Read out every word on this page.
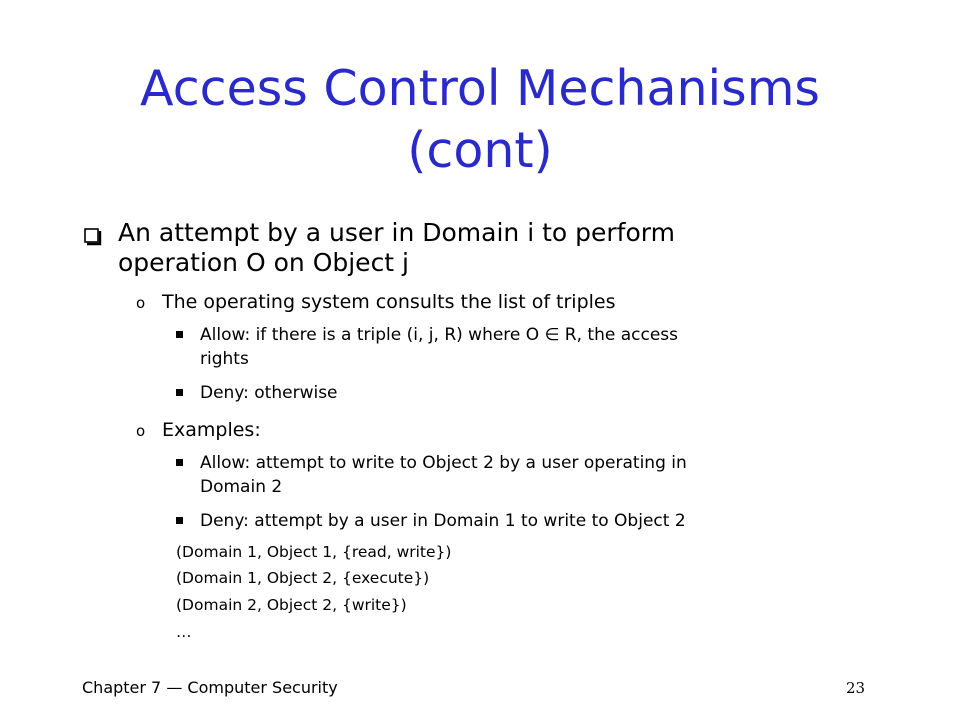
Access Control Mechanisms
(cont)
An attempt by a user in Domain i to perform
operation O on Object j
o The operating system consults the list of triples
Allow: if there is a triple (i, j, R) where O ∈ R, the access
rights
Deny: otherwise
o Examples:
Allow: attempt to write to Object 2 by a user operating in
Domain 2
Deny: attempt by a user in Domain 1 to write to Object 2
(Domain 1, Object 1, {read, write})
(Domain 1, Object 2, {execute})
(Domain 2, Object 2, {write})
…
Chapter 7 — Computer Security	23
